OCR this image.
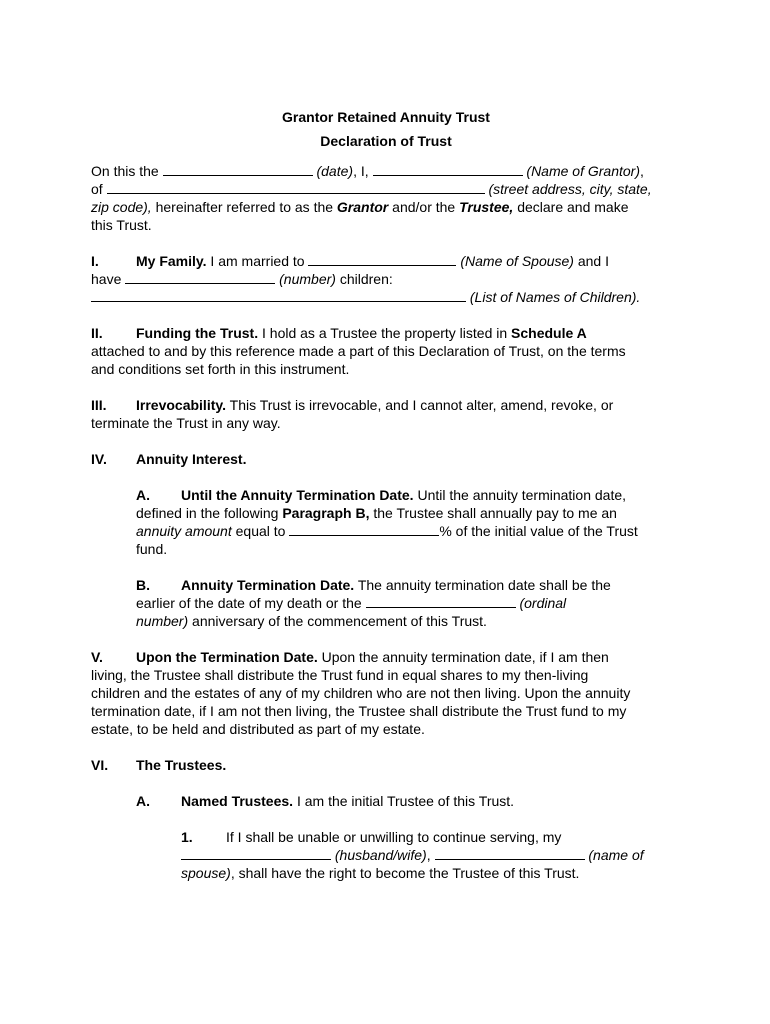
Grantor Retained Annuity Trust

Declaration of Trust

On this the	(date), I,	(Name of Grantor),

of	(street address, city, state,

zip code), hereinafter referred to as the Grantor and/or the Trustee, declare and make

this Trust.

I.	My Family. I am married to	(Name of Spouse) and I

have	(number) children:

(List of Names of Children).

II. Funding the Trust. I hold as a Trustee the property listed in Schedule A

attached to and by this reference made a part of this Declaration of Trust, on the terms

and conditions set forth in this instrument.

III. Irrevocability. This Trust is irrevocable, and I cannot alter, amend, revoke, or

terminate the Trust in any way.

IV. Annuity Interest.

A. Until the Annuity Termination Date. Until the annuity termination date,

defined in the following Paragraph B, the Trustee shall annually pay to me an

annuity amount equal to	% of the initial value of the Trust

fund.

B. Annuity Termination Date. The annuity termination date shall be the

earlier of the date of my death or the	(ordinal

number) anniversary of the commencement of this Trust.

V. Upon the Termination Date. Upon the annuity termination date, if I am then

living, the Trustee shall distribute the Trust fund in equal shares to my then-living

children and the estates of any of my children who are not then living. Upon the annuity

termination date, if I am not then living, the Trustee shall distribute the Trust fund to my

estate, to be held and distributed as part of my estate.

VI. The Trustees.

A. Named Trustees. I am the initial Trustee of this Trust.

1. If I shall be unable or unwilling to continue serving, my

(husband/wife),	(name of

spouse), shall have the right to become the Trustee of this Trust.
